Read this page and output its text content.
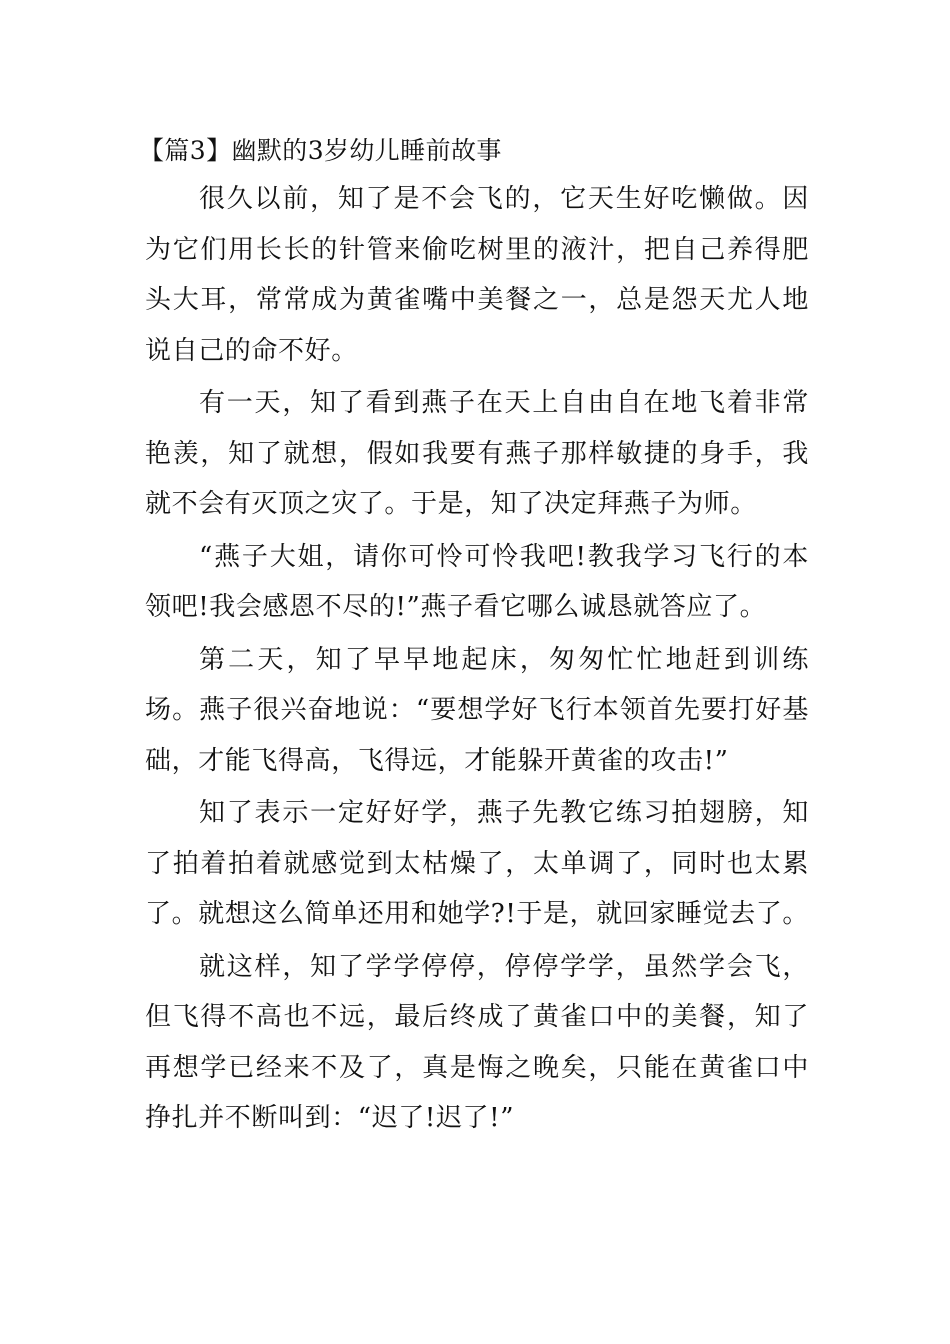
【篇3】幽默的3岁幼儿睡前故事

很久以前，知了是不会飞的，它天生好吃懒做。因为它们用长长的针管来偷吃树里的液汁，把自己养得肥头大耳，常常成为黄雀嘴中美餐之一，总是怨天尤人地说自己的命不好。

有一天，知了看到燕子在天上自由自在地飞着非常艳羡，知了就想，假如我要有燕子那样敏捷的身手，我就不会有灭顶之灾了。于是，知了决定拜燕子为师。

“燕子大姐，请你可怜可怜我吧!教我学习飞行的本领吧!我会感恩不尽的!”燕子看它哪么诚恳就答应了。

第二天，知了早早地起床，匆匆忙忙地赶到训练场。燕子很兴奋地说：“要想学好飞行本领首先要打好基础，才能飞得高，飞得远，才能躲开黄雀的攻击!”

知了表示一定好好学，燕子先教它练习拍翅膀，知了拍着拍着就感觉到太枯燥了，太单调了，同时也太累了。就想这么简单还用和她学?!于是，就回家睡觉去了。

就这样，知了学学停停，停停学学，虽然学会飞，但飞得不高也不远，最后终成了黄雀口中的美餐，知了再想学已经来不及了，真是悔之晚矣，只能在黄雀口中挣扎并不断叫到：“迟了!迟了!”
